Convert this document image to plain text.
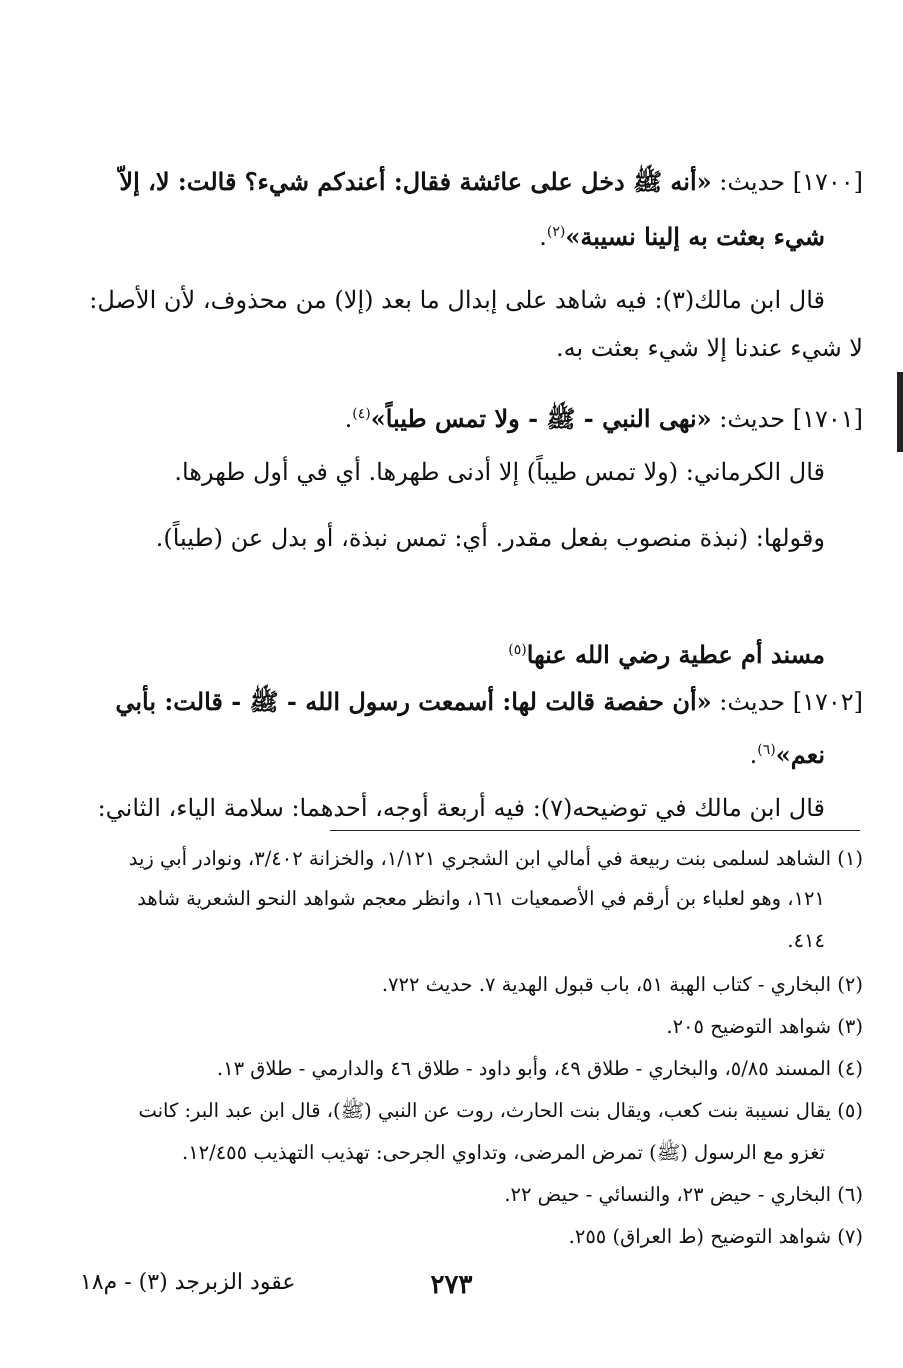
[١٧٠٠] حديث: «أنه ﷺ دخل على عائشة فقال: أعندكم شيء؟ قالت: لا، إلاّ
شيء بعثت به إلينا نسيبة»$^{(٢)}$.
قال ابن مالك(٣): فيه شاهد على إبدال ما بعد (إلا) من محذوف، لأن الأصل:
لا شيء عندنا إلا شيء بعثت به.
[١٧٠١] حديث: «نهى النبي - ﷺ - ولا تمس طيباً»$^{(٤)}$.
قال الكرماني: (ولا تمس طيباً) إلا أدنى طهرها. أي في أول طهرها.
وقولها: (نبذة منصوب بفعل مقدر. أي: تمس نبذة، أو بدل عن (طيباً).
مسند أم عطية رضي الله عنها$^{(٥)}$
[١٧٠٢] حديث: «أن حفصة قالت لها: أسمعت رسول الله - ﷺ - قالت: بأبي
نعم»$^{(٦)}$.
قال ابن مالك في توضيحه(٧): فيه أربعة أوجه، أحدهما: سلامة الياء، الثاني:
(١) الشاهد لسلمى بنت ربيعة في أمالي ابن الشجري ١/١٢١، والخزانة ٣/٤٠٢، ونوادر أبي زيد
١٢١، وهو لعلباء بن أرقم في الأصمعيات ١٦١، وانظر معجم شواهد النحو الشعرية شاهد
٤١٤.
(٢) البخاري - كتاب الهبة ٥١، باب قبول الهدية ٧. حديث ٧٢٢.
(٣) شواهد التوضيح ٢٠٥.
(٤) المسند ٥/٨٥، والبخاري - طلاق ٤٩، وأبو داود - طلاق ٤٦ والدارمي - طلاق ١٣.
(٥) يقال نسيبة بنت كعب، ويقال بنت الحارث، روت عن النبي (ﷺ)، قال ابن عبد البر: كانت
تغزو مع الرسول (ﷺ) تمرض المرضى، وتداوي الجرحى: تهذيب التهذيب ١٢/٤٥٥.
(٦) البخاري - حيض ٢٣، والنسائي - حيض ٢٢.
(٧) شواهد التوضيح (ط العراق) ٢٥٥.
٢٧٣
عقود الزبرجد (٣) - م١٨
